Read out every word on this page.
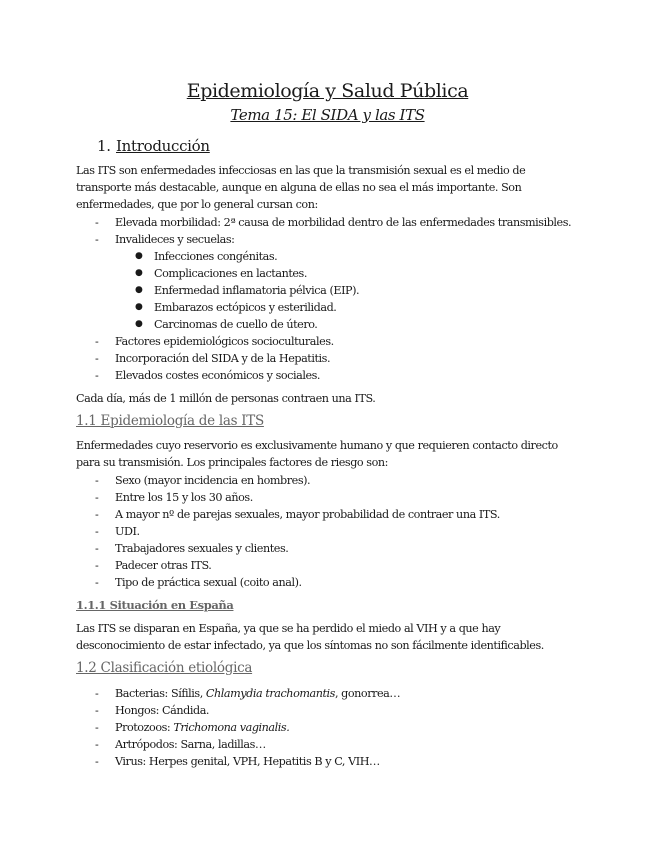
Epidemiología y Salud Pública
Tema 15: El SIDA y las ITS
1. Introducción
Las ITS son enfermedades infecciosas en las que la transmisión sexual es el medio de transporte más destacable, aunque en alguna de ellas no sea el más importante. Son enfermedades, que por lo general cursan con:
- Elevada morbilidad: 2ª causa de morbilidad dentro de las enfermedades transmisibles.
- Invalideces y secuelas:
● Infecciones congénitas.
● Complicaciones en lactantes.
● Enfermedad inflamatoria pélvica (EIP).
● Embarazos ectópicos y esterilidad.
● Carcinomas de cuello de útero.
- Factores epidemiológicos socioculturales.
- Incorporación del SIDA y de la Hepatitis.
- Elevados costes económicos y sociales.
Cada día, más de 1 millón de personas contraen una ITS.
1.1 Epidemiología de las ITS
Enfermedades cuyo reservorio es exclusivamente humano y que requieren contacto directo para su transmisión. Los principales factores de riesgo son:
- Sexo (mayor incidencia en hombres).
- Entre los 15 y los 30 años.
- A mayor nº de parejas sexuales, mayor probabilidad de contraer una ITS.
- UDI.
- Trabajadores sexuales y clientes.
- Padecer otras ITS.
- Tipo de práctica sexual (coito anal).
1.1.1 Situación en España
Las ITS se disparan en España, ya que se ha perdido el miedo al VIH y a que hay desconocimiento de estar infectado, ya que los síntomas no son fácilmente identificables.
1.2 Clasificación etiológica
- Bacterias: Sífilis, Chlamydia trachomantis, gonorrea…
- Hongos: Cándida.
- Protozoos: Trichomona vaginalis.
- Artrópodos: Sarna, ladillas…
- Virus: Herpes genital, VPH, Hepatitis B y C, VIH…
